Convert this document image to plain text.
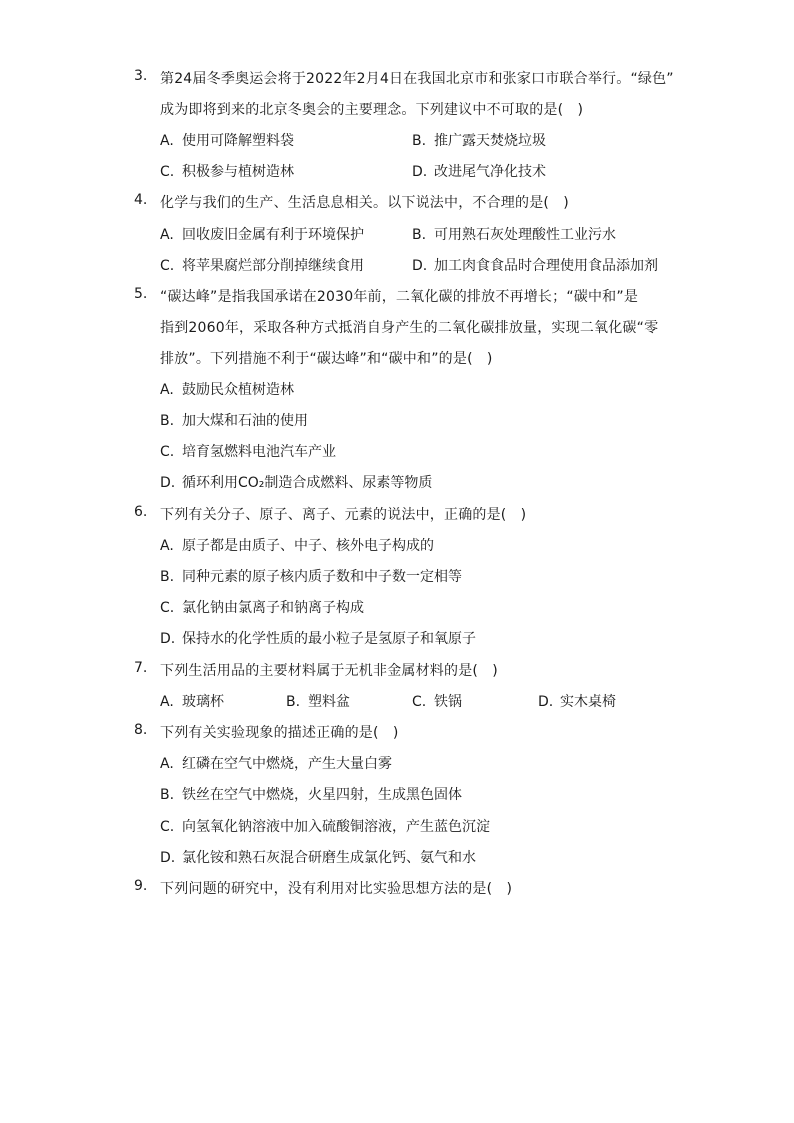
3. 第24届冬季奥运会将于2022年2月4日在我国北京市和张家口市联合举行。“绿色”
成为即将到来的北京冬奥会的主要理念。下列建议中不可取的是(　)
A. 使用可降解塑料袋	B. 推广露天焚烧垃圾
C. 积极参与植树造林	D. 改进尾气净化技术
4. 化学与我们的生产、生活息息相关。以下说法中，不合理的是(　)
A. 回收废旧金属有利于环境保护	B. 可用熟石灰处理酸性工业污水
C. 将苹果腐烂部分削掉继续食用	D. 加工肉食食品时合理使用食品添加剂
5. “碳达峰”是指我国承诺在2030年前，二氧化碳的排放不再增长；“碳中和”是
指到2060年，采取各种方式抵消自身产生的二氧化碳排放量，实现二氧化碳“零
排放”。下列措施不利于“碳达峰”和“碳中和”的是(　)
A. 鼓励民众植树造林
B. 加大煤和石油的使用
C. 培育氢燃料电池汽车产业
D. 循环利用CO₂制造合成燃料、尿素等物质
6. 下列有关分子、原子、离子、元素的说法中，正确的是(　)
A. 原子都是由质子、中子、核外电子构成的
B. 同种元素的原子核内质子数和中子数一定相等
C. 氯化钠由氯离子和钠离子构成
D. 保持水的化学性质的最小粒子是氢原子和氧原子
7. 下列生活用品的主要材料属于无机非金属材料的是(　)
A. 玻璃杯	B. 塑料盆	C. 铁锅	D. 实木桌椅
8. 下列有关实验现象的描述正确的是(　)
A. 红磷在空气中燃烧，产生大量白雾
B. 铁丝在空气中燃烧，火星四射，生成黑色固体
C. 向氢氧化钠溶液中加入硫酸铜溶液，产生蓝色沉淀
D. 氯化铵和熟石灰混合研磨生成氯化钙、氨气和水
9. 下列问题的研究中，没有利用对比实验思想方法的是(　)
